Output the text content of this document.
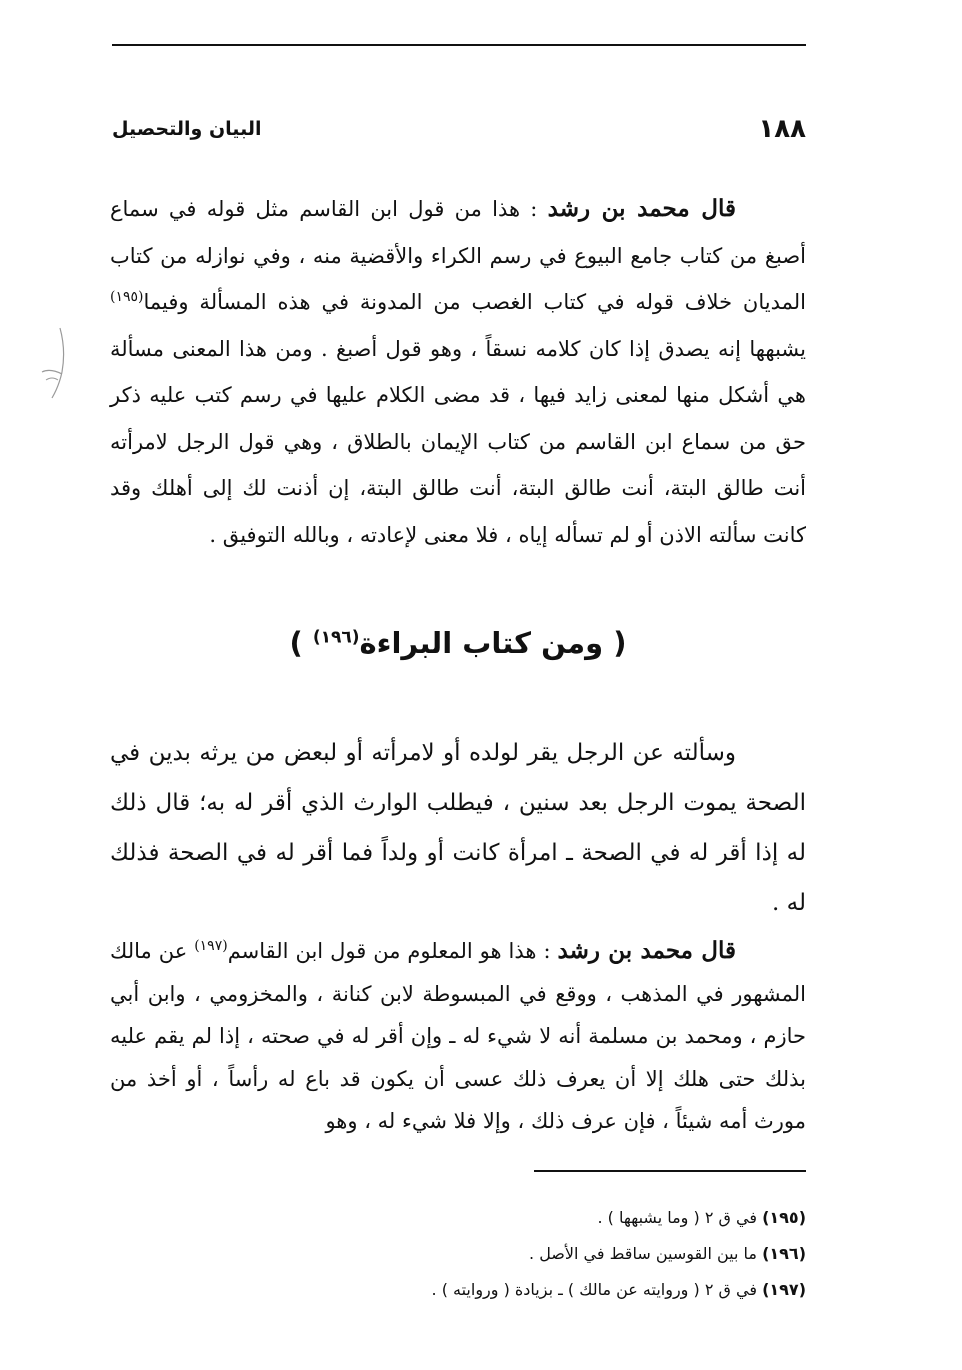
١٨٨
البيان والتحصيل

قال محمد بن رشد : هذا من قول ابن القاسم مثل قوله في سماع أصبغ من كتاب جامع البيوع في رسم الكراء والأقضية منه ، وفي نوازله من كتاب المديان خلاف قوله في كتاب الغصب من المدونة في هذه المسألة وفيما$^{(١٩٥)}$ يشبهها إنه يصدق إذا كان كلامه نسقاً ، وهو قول أصبغ . ومن هذا المعنى مسألة هي أشكل منها لمعنى زايد فيها ، قد مضى الكلام عليها في رسم كتب عليه ذكر حق من سماع ابن القاسم من كتاب الإيمان بالطلاق ، وهي قول الرجل لامرأته أنت طالق البتة، أنت طالق البتة، أنت طالق البتة، إن أذنت لك إلى أهلك وقد كانت سألته الاذن أو لم تسأله إياه ، فلا معنى لإعادته ، وبالله التوفيق .

( ومن كتاب البراءة$^{(١٩٦)}$ )

وسألته عن الرجل يقر لولده أو لامرأته أو لبعض من يرثه بدين في الصحة يموت الرجل بعد سنين ، فيطلب الوارث الذي أقر له به؛ قال ذلك له إذا أقر له في الصحة ـ امرأة كانت أو ولداً فما أقر له في الصحة فذلك له .

قال محمد بن رشد : هذا هو المعلوم من قول ابن القاسم$^{(١٩٧)}$ عن مالك المشهور في المذهب ، ووقع في المبسوطة لابن كنانة ، والمخزومي ، وابن أبي حازم ، ومحمد بن مسلمة أنه لا شيء له ـ وإن أقر له في صحته ، إذا لم يقم عليه بذلك حتى هلك إلا أن يعرف ذلك عسى أن يكون قد باع له رأساً ، أو أخذ من مورث أمه شيئاً ، فإن عرف ذلك ، وإلا فلا شيء له ، وهو

(١٩٥) في ق ٢ ( وما يشبهها ) .
(١٩٦) ما بين القوسين ساقط في الأصل .
(١٩٧) في ق ٢ ( وروايته عن مالك ) ـ بزيادة ( وروايته ) .
